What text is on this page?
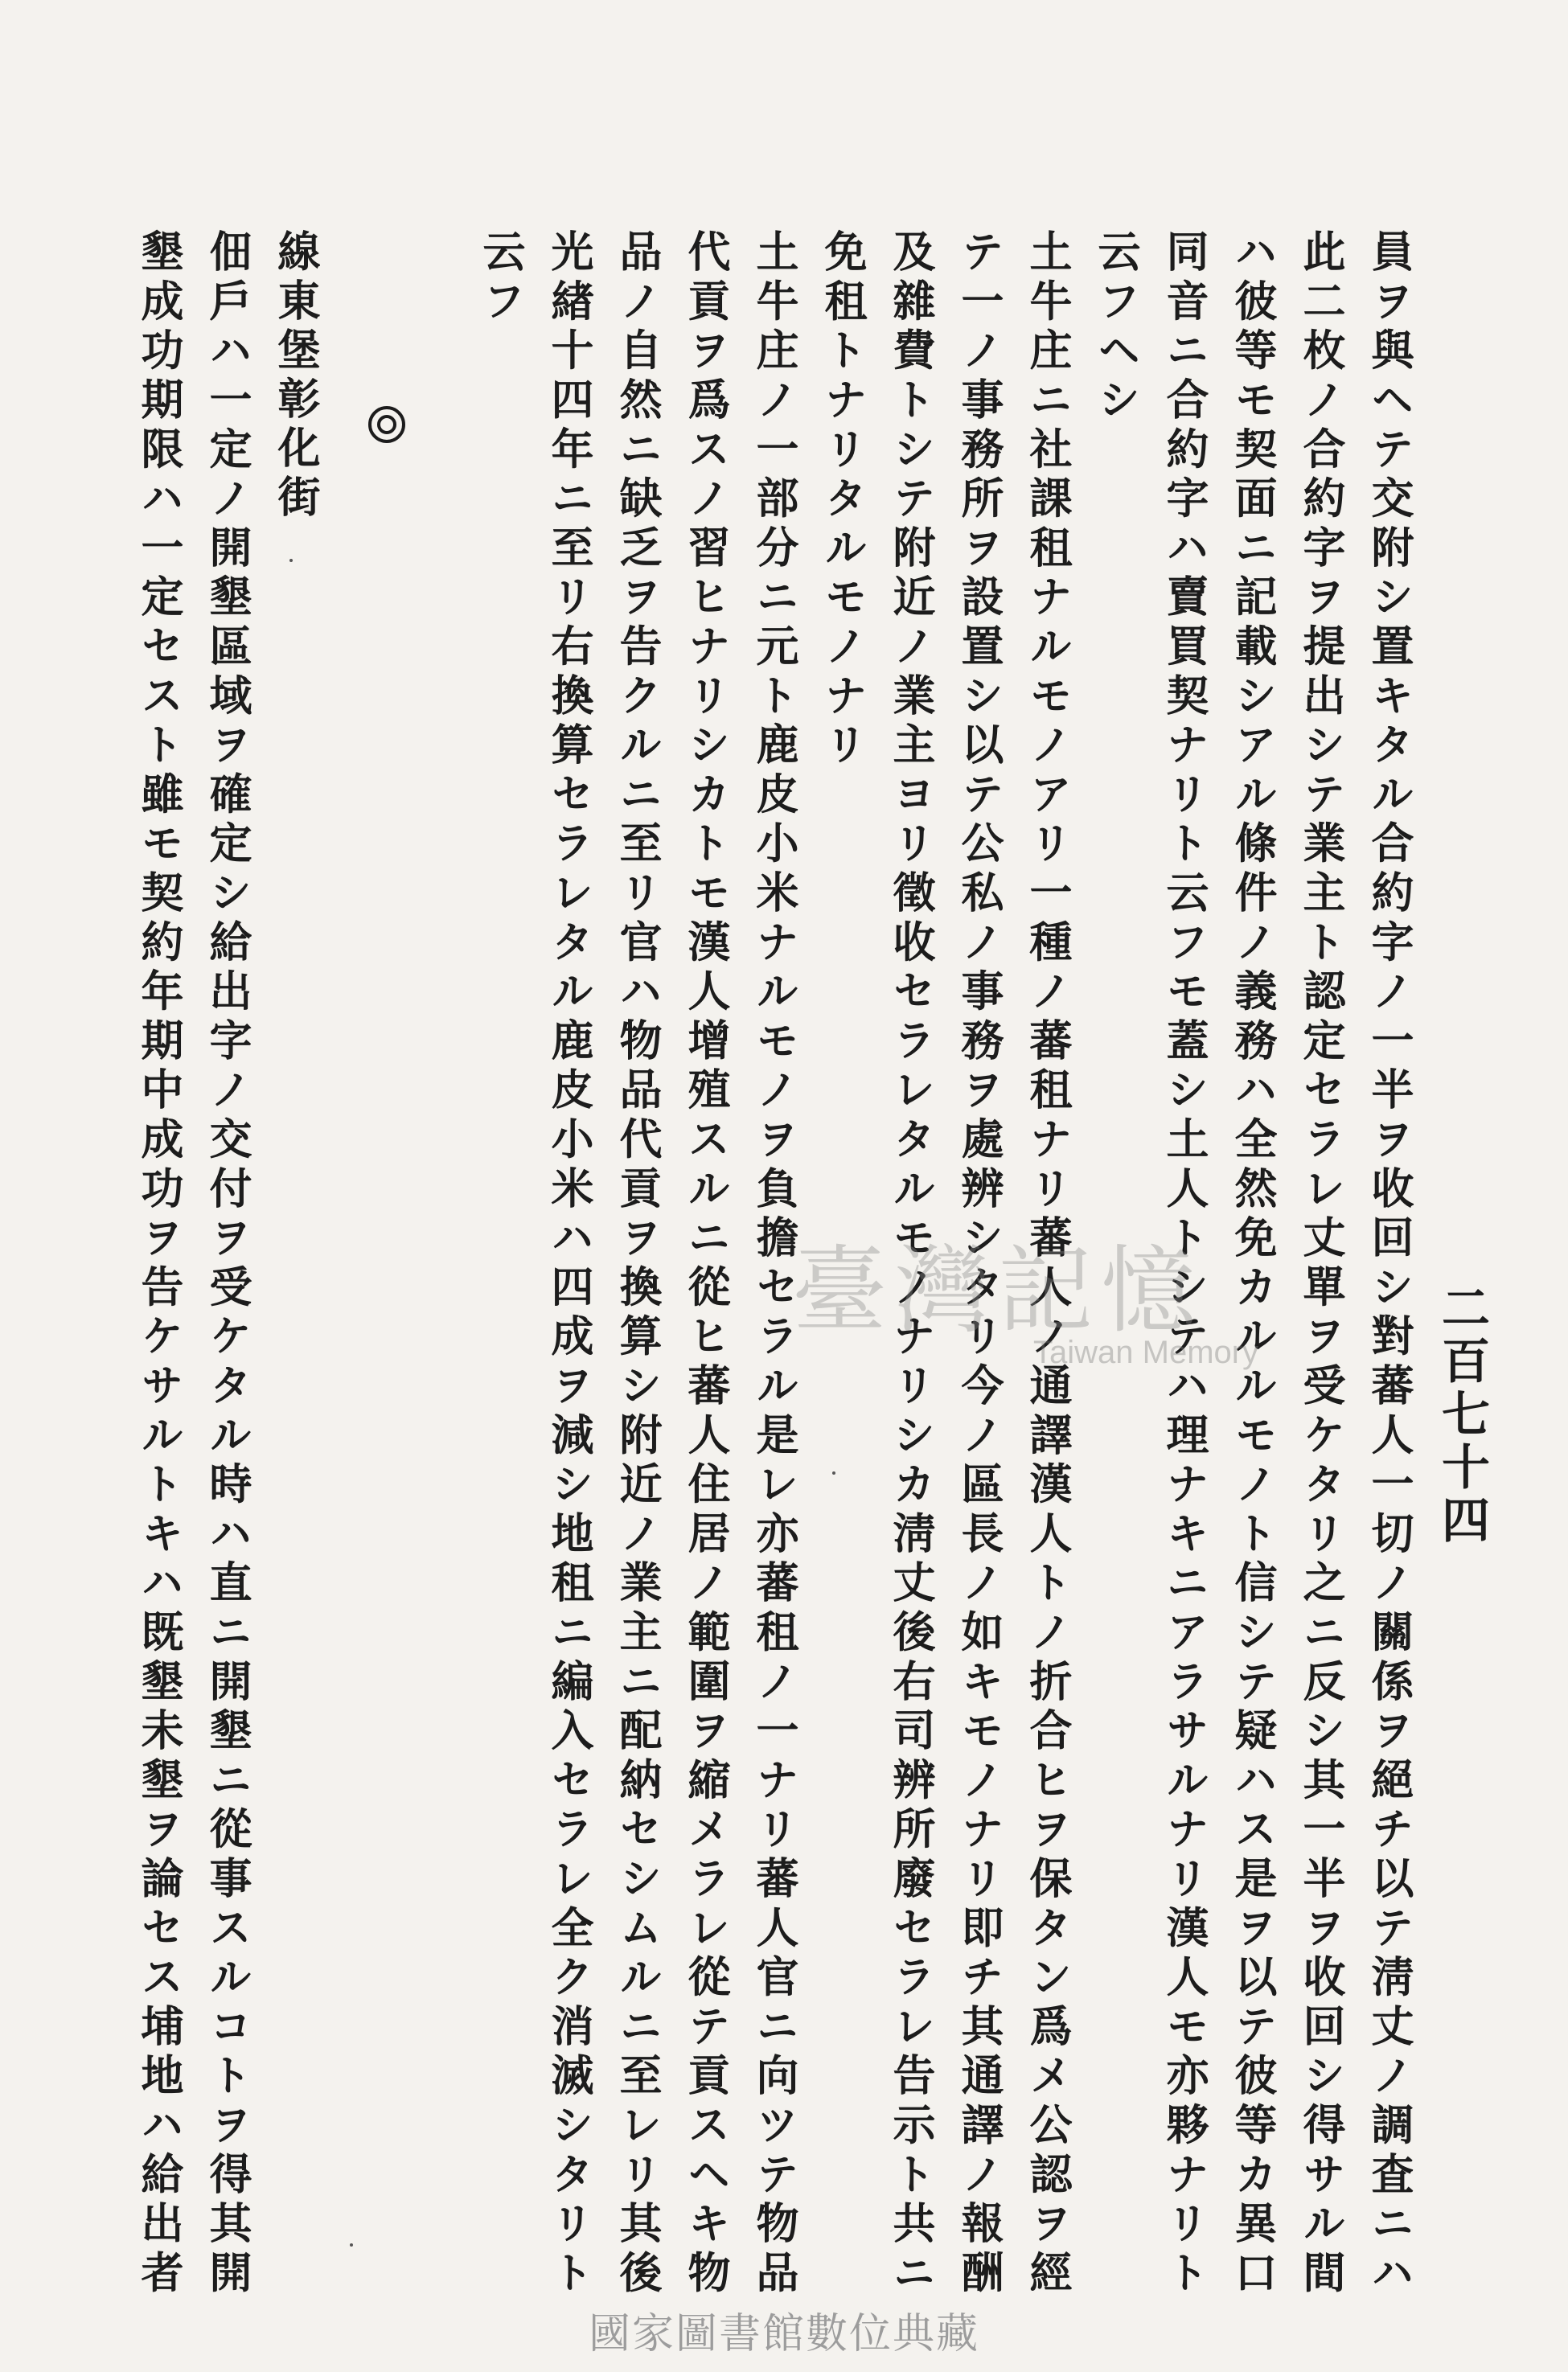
二百七十四
員ヲ與ヘテ交附シ置キタル合約字ノ一半ヲ收回シ對蕃人一切ノ關係ヲ絕チ以テ淸丈ノ調査ニハ
此二枚ノ合約字ヲ提出シテ業主ト認定セラレ丈單ヲ受ケタリ之ニ反シ其一半ヲ收回シ得サル間
ハ彼等モ契面ニ記載シアル條件ノ義務ハ全然免カルルモノト信シテ疑ハス是ヲ以テ彼等カ異口
同音ニ合約字ハ賣買契ナリト云フモ蓋シ土人トシテハ理ナキニアラサルナリ漢人モ亦夥ナリト
云フヘシ
土牛庄ニ社課租ナルモノアリ一種ノ蕃租ナリ蕃人ノ通譯漢人トノ折合ヒヲ保タン爲メ公認ヲ經
テ一ノ事務所ヲ設置シ以テ公私ノ事務ヲ處辨シタリ今ノ區長ノ如キモノナリ即チ其通譯ノ報酬
及雜費トシテ附近ノ業主ヨリ徵收セラレタルモノナリシカ淸丈後右司辨所廢セラレ告示ト共ニ
免租トナリタルモノナリ
土牛庄ノ一部分ニ元ト鹿皮小米ナルモノヲ負擔セラル是レ亦蕃租ノ一ナリ蕃人官ニ向ツテ物品
代貢ヲ爲スノ習ヒナリシカトモ漢人增殖スルニ從ヒ蕃人住居ノ範圍ヲ縮メラレ從テ貢スヘキ物
品ノ自然ニ缺乏ヲ告クルニ至リ官ハ物品代貢ヲ換算シ附近ノ業主ニ配納セシムルニ至レリ其後
光緖十四年ニ至リ右換算セラレタル鹿皮小米ハ四成ヲ減シ地租ニ編入セラレ全ク消滅シタリト
云フ
線東堡彰化街
佃戶ハ一定ノ開墾區域ヲ確定シ給出字ノ交付ヲ受ケタル時ハ直ニ開墾ニ從事スルコトヲ得其開
墾成功期限ハ一定セスト雖モ契約年期中成功ヲ告ケサルトキハ既墾未墾ヲ論セス埔地ハ給出者	臺灣記憶
Taiwan Memory
國家圖書館數位典藏
